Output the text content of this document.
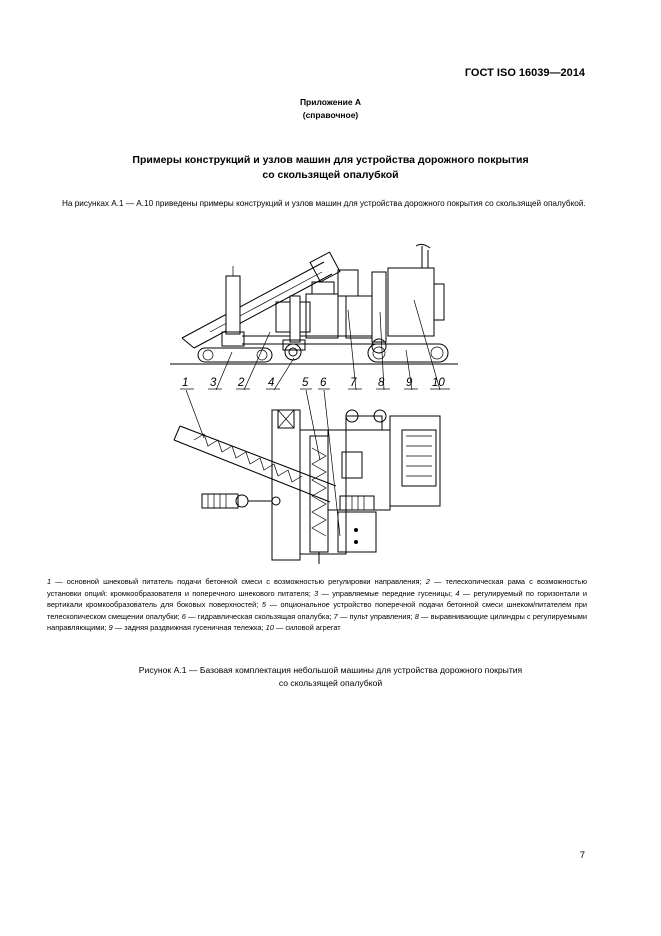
ГОСТ ISO 16039—2014
Приложение А
(справочное)
Примеры конструкций и узлов машин для устройства дорожного покрытия
со скользящей опалубкой
На рисунках А.1 — А.10 приведены примеры конструкций и узлов машин для устройства дорожного покрытия со скользящей опалубкой.
1 3 2 4 5 6 7 8 9 10
1 — основной шнековый питатель подачи бетонной смеси с возможностью регулировки направления; 2 — телескопическая рама с возможностью установки опций: кромкообразователя и поперечного шнекового питателя; 3 — управляемые передние гусеницы; 4 — регулируемый по горизонтали и вертикали кромкообразователь для боковых поверхностей; 5 — опциональное устройство поперечной подачи бетонной смеси шнеком/питателем при телескопическом смещении опалубки; 6 — гидравлическая скользящая опалубка; 7 — пульт управления; 8 — выравнивающие цилиндры с регулируемыми направляющими; 9 — задняя раздвижная гусеничная тележка; 10 — силовой агрегат
Рисунок А.1 — Базовая комплектация небольшой машины для устройства дорожного покрытия
со скользящей опалубкой
7
